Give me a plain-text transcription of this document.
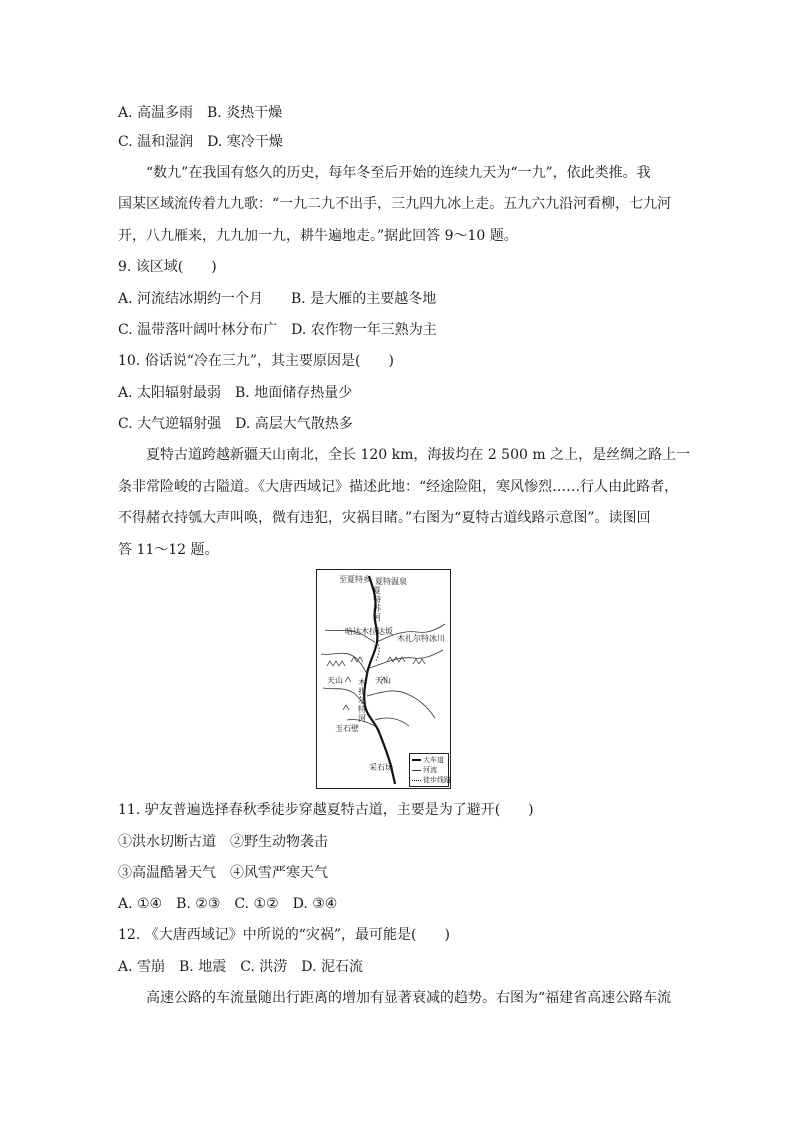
A. 高温多雨　B. 炎热干燥
C. 温和湿润　D. 寒冷干燥
“数九”在我国有悠久的历史，每年冬至后开始的连续九天为“一九”，依此类推。我
国某区域流传着九九歌：“一九二九不出手，三九四九冰上走。五九六九沿河看柳，七九河
开，八九雁来，九九加一九，耕牛遍地走。”据此回答 9～10 题。
9. 该区域(　　)
A. 河流结冰期约一个月　　B. 是大雁的主要越冬地
C. 温带落叶阔叶林分布广　D. 农作物一年三熟为主
10. 俗话说“冷在三九”，其主要原因是(　　)
A. 太阳辐射最弱　B. 地面储存热量少
C. 大气逆辐射强　D. 高层大气散热多
夏特古道跨越新疆天山南北，全长 120 km，海拔均在 2 500 m 之上，是丝绸之路上一
条非常险峻的古隘道。《大唐西域记》描述此地：“经途险阻，寒风惨烈……行人由此路者，
不得赭衣持瓠大声叫唤，微有违犯，灾祸目睹。”右图为“夏特古道线路示意图”。读图回
答 11～12 题。
至夏特乡 夏特温泉
夏特苏河
哈达木拉达坂
木扎尔特冰川
天山	天山
木扎尔特河
玉石壁
采石场
大车道
河流
徒步线路
11. 驴友普遍选择春秋季徒步穿越夏特古道，主要是为了避开(　　)
①洪水切断古道　②野生动物袭击
③高温酷暑天气　④风雪严寒天气
A. ①④　B. ②③　C. ①②　D. ③④
12. 《大唐西域记》中所说的“灾祸”，最可能是(　　)
A. 雪崩　B. 地震　C. 洪涝　D. 泥石流
高速公路的车流量随出行距离的增加有显著衰减的趋势。右图为“福建省高速公路车流
